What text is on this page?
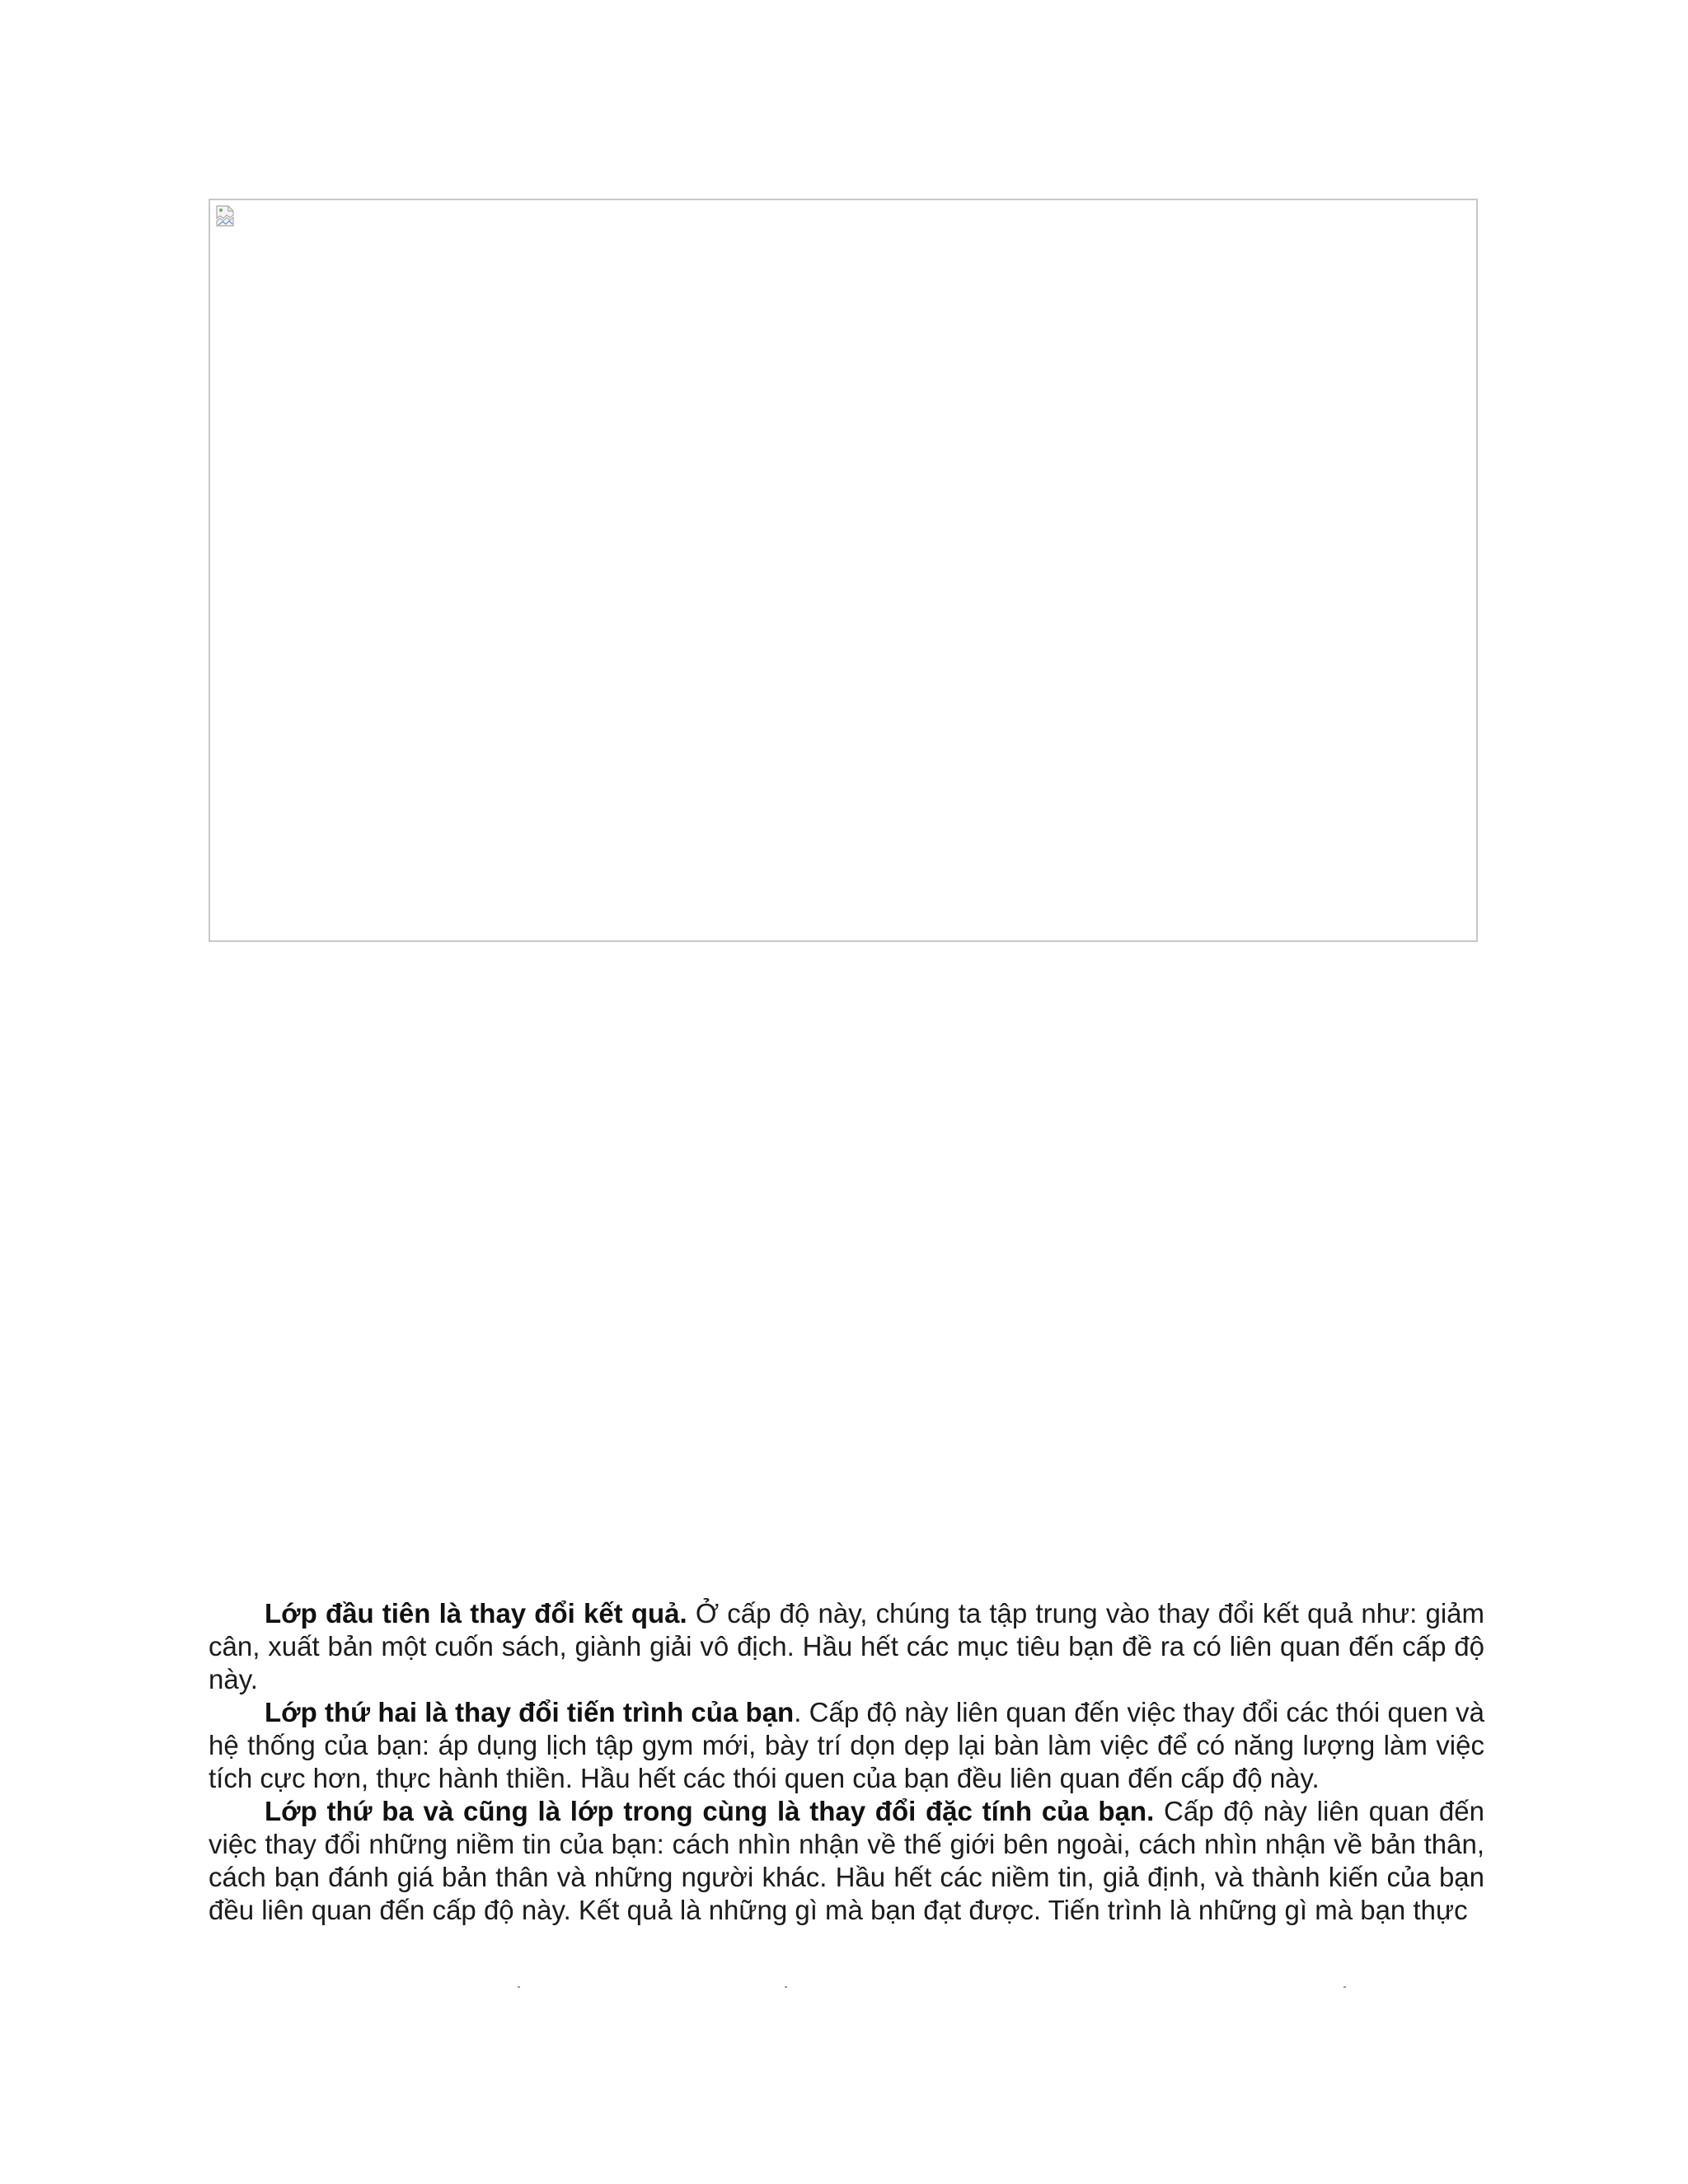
Lớp đầu tiên là thay đổi kết quả. Ở cấp độ này, chúng ta tập trung vào thay đổi kết quả như: giảm cân, xuất bản một cuốn sách, giành giải vô địch. Hầu hết các mục tiêu bạn đề ra có liên quan đến cấp độ này.

Lớp thứ hai là thay đổi tiến trình của bạn. Cấp độ này liên quan đến việc thay đổi các thói quen và hệ thống của bạn: áp dụng lịch tập gym mới, bày trí dọn dẹp lại bàn làm việc để có năng lượng làm việc tích cực hơn, thực hành thiền. Hầu hết các thói quen của bạn đều liên quan đến cấp độ này.

Lớp thứ ba và cũng là lớp trong cùng là thay đổi đặc tính của bạn. Cấp độ này liên quan đến việc thay đổi những niềm tin của bạn: cách nhìn nhận về thế giới bên ngoài, cách nhìn nhận về bản thân, cách bạn đánh giá bản thân và những người khác. Hầu hết các niềm tin, giả định, và thành kiến của bạn đều liên quan đến cấp độ này. Kết quả là những gì mà bạn đạt được. Tiến trình là những gì mà bạn thực
